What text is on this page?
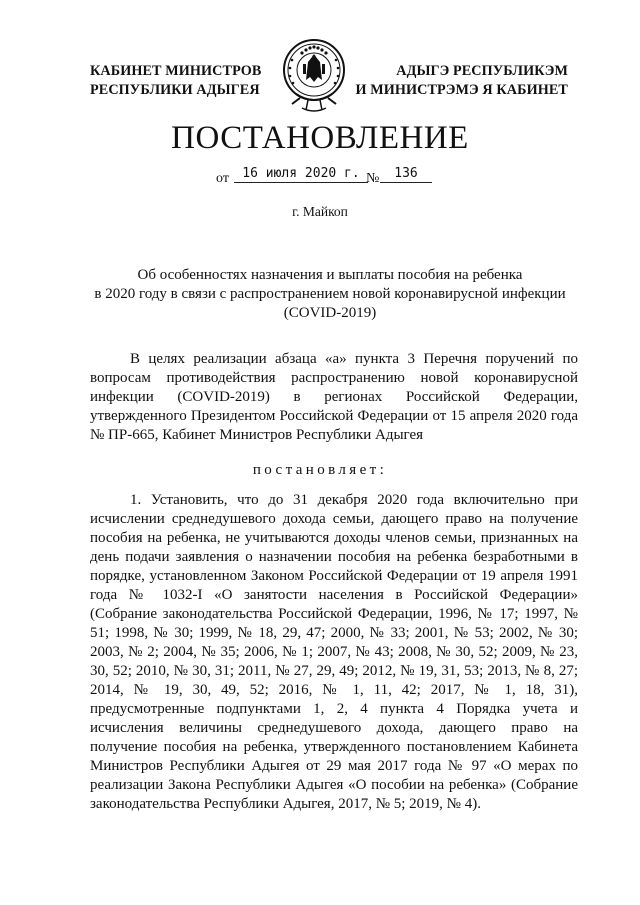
КАБИНЕТ МИНИСТРОВ
РЕСПУБЛИКИ АДЫГЕЯ
АДЫГЭ РЕСПУБЛИКЭМ
И МИНИСТРЭМЭ Я КАБИНЕТ
ПОСТАНОВЛЕНИЕ
от	16 июля 2020 г. №	136
г. Майкоп
Об особенностях назначения и выплаты пособия на ребенка
в 2020 году в связи с распространением новой коронавирусной инфекции
(COVID-2019)
В целях реализации абзаца «а» пункта 3 Перечня поручений по вопросам противодействия распространению новой коронавирусной инфекции (COVID-2019) в регионах Российской Федерации, утвержденного Президентом Российской Федерации от 15 апреля 2020 года № ПР-665, Кабинет Министров Республики Адыгея
постановляет:
1. Установить, что до 31 декабря 2020 года включительно при исчислении среднедушевого дохода семьи, дающего право на получение пособия на ребенка, не учитываются доходы членов семьи, признанных на день подачи заявления о назначении пособия на ребенка безработными в порядке, установленном Законом Российской Федерации от 19 апреля 1991 года № 1032-I «О занятости населения в Российской Федерации» (Собрание законодательства Российской Федерации, 1996, № 17; 1997, № 51; 1998, № 30; 1999, № 18, 29, 47; 2000, № 33; 2001, № 53; 2002, № 30; 2003, № 2; 2004, № 35; 2006, № 1; 2007, № 43; 2008, № 30, 52; 2009, № 23, 30, 52; 2010, № 30, 31; 2011, № 27, 29, 49; 2012, № 19, 31, 53; 2013, № 8, 27; 2014, № 19, 30, 49, 52; 2016, № 1, 11, 42; 2017, № 1, 18, 31), предусмотренные подпунктами 1, 2, 4 пункта 4 Порядка учета и исчисления величины среднедушевого дохода, дающего право на получение пособия на ребенка, утвержденного постановлением Кабинета Министров Республики Адыгея от 29 мая 2017 года № 97 «О мерах по реализации Закона Республики Адыгея «О пособии на ребенка» (Собрание законодательства Республики Адыгея, 2017, № 5; 2019, № 4).
